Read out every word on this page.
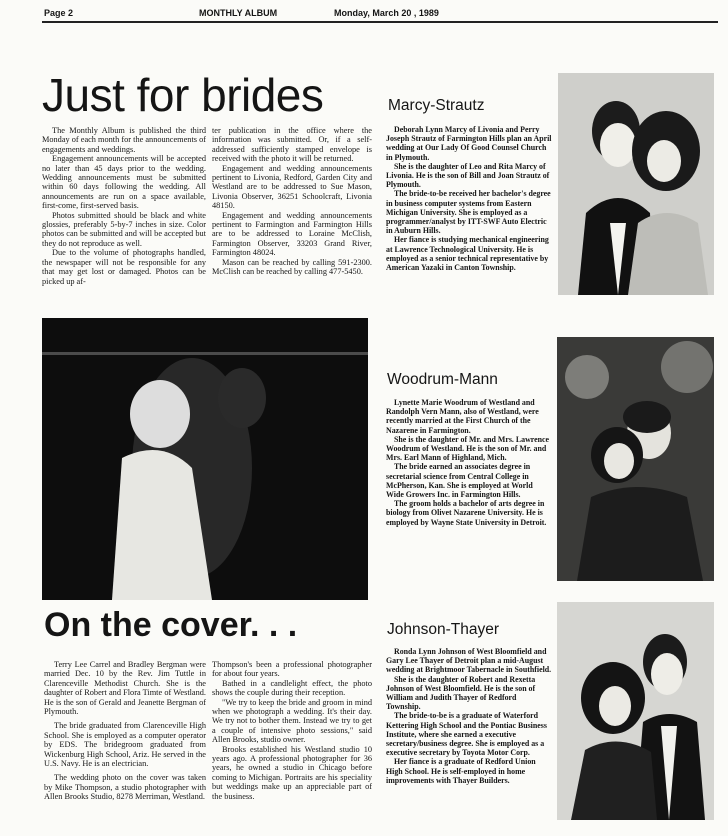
Page 2	MONTHLY ALBUM	Monday, March 20 , 1989
Just for brides

The Monthly Album is published the third Monday of each month for the announcements of engagements and weddings.

Engagement announcements will be accepted no later than 45 days prior to the wedding. Wedding announcements must be submitted within 60 days following the wedding. All announcements are run on a space available, first-come, first-served basis.

Photos submitted should be black and white glossies, preferably 5-by-7 inches in size. Color photos can be submitted and will be accepted but they do not reproduce as well.

Due to the volume of photographs handled, the newspaper will not be responsible for any that may get lost or damaged. Photos can be picked up af-

ter publication in the office where the information was submitted. Or, if a self-addressed sufficiently stamped envelope is received with the photo it will be returned.

Engagement and wedding announcements pertinent to Livonia, Redford, Garden City and Westland are to be addressed to Sue Mason, Livonia Observer, 36251 Schoolcraft, Livonia 48150.

Engagement and wedding announcements pertinent to Farmington and Farmington Hills are to be addressed to Loraine McClish, Farmington Observer, 33203 Grand River, Farmington 48024.

Mason can be reached by calling 591-2300. McClish can be reached by calling 477-5450.

Marcy-Strautz

Deborah Lynn Marcy of Livonia and Perry Joseph Strautz of Farmington Hills plan an April wedding at Our Lady Of Good Counsel Church in Plymouth.

She is the daughter of Leo and Rita Marcy of Livonia. He is the son of Bill and Joan Strautz of Plymouth.

The bride-to-be received her bachelor's degree in business computer systems from Eastern Michigan University. She is employed as a programmer/analyst by ITT-SWF Auto Electric in Auburn Hills.

Her fiance is studying mechanical engineering at Lawrence Technological University. He is employed as a senior technical representative by American Yazaki in Canton Township.

Woodrum-Mann

Lynette Marie Woodrum of Westland and Randolph Vern Mann, also of Westland, were recently married at the First Church of the Nazarene in Farmington.

She is the daughter of Mr. and Mrs. Lawrence Woodrum of Westland. He is the son of Mr. and Mrs. Earl Mann of Highland, Mich.

The bride earned an associates degree in secretarial science from Central College in McPherson, Kan. She is employed at World Wide Growers Inc. in Farmington Hills.

The groom holds a bachelor of arts degree in biology from Olivet Nazarene University. He is employed by Wayne State University in Detroit.

On the cover. . .

Terry Lee Carrel and Bradley Bergman were married Dec. 10 by the Rev. Jim Tuttle in Clarenceville Methodist Church. She is the daughter of Robert and Flora Timte of Westland. He is the son of Gerald and Jeanette Bergman of Plymouth.

The bride graduated from Clarenceville High School. She is employed as a computer operator by EDS. The bridegroom graduated from Wickenburg High School, Ariz. He served in the U.S. Navy. He is an electrician.

The wedding photo on the cover was taken by Mike Thompson, a studio photographer with Allen Brooks Studio, 8278 Merriman, Westland.

Thompson's been a professional photographer for about four years.

Bathed in a candlelight effect, the photo shows the couple during their reception.

"We try to keep the bride and groom in mind when we photograph a wedding. It's their day. We try not to bother them. Instead we try to get a couple of intensive photo sessions," said Allen Brooks, studio owner.

Brooks established his Westland studio 10 years ago. A professional photographer for 36 years, he owned a studio in Chicago before coming to Michigan. Portraits are his speciality but weddings make up an appreciable part of the business.

Johnson-Thayer

Ronda Lynn Johnson of West Bloomfield and Gary Lee Thayer of Detroit plan a mid-August wedding at Brightmoor Tabernacle in Southfield.

She is the daughter of Robert and Rexetta Johnson of West Bloomfield. He is the son of William and Judith Thayer of Redford Township.

The bride-to-be is a graduate of Waterford Kettering High School and the Pontiac Business Institute, where she earned a executive secretary/business degree. She is employed as a executive secretary by Toyota Motor Corp.

Her fiance is a graduate of Redford Union High School. He is self-employed in home improvements with Thayer Builders.
